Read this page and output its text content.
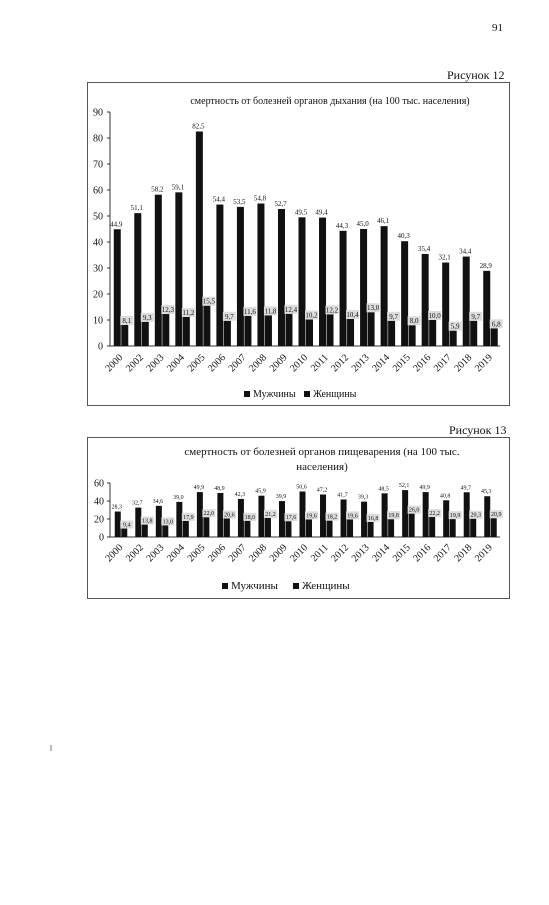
91
Рисунок 12
Рисунок 13
смертность от болезней органов дыхания (на 100 тыс. населения)
0
10
20
30
40
50
60
70
80
90
44,9
8,1
2000
51,1
9,3
2002
58,2
12,3
2003
59,1
11,2
2004
82,5
15,5
2005
54,4
9,7
2006
53,5
11,6
2007
54,8
11,8
2008
52,7
12,4
2009
49,5
10,2
2010
49,4
12,2
2011
44,3
10,4
2012
45,0
13,0
2013
46,1
9,7
2014
40,3
8,0
2015
35,4
10,0
2016
32,1
5,9
2017
34,4
9,7
2018
28,9
6,8
2019
Мужчины Женщины
смертность от болезней органов пищеварения (на 100 тыс.
населения)
0
20
40
60
28,3
9,4
2000
32,7
13,8
2002
34,6
13,0
2003
39,0
17,9
2004
49,9
22,0
2005
48,9
20,6
2006
42,3
18,0
2007
45,9
21,2
2008
39,9
17,6
2009
50,6
19,6
2010
47,2
18,2
2011
41,7
19,6
2012
39,3
16,8
2013
48,5
19,8
2014
52,1
26,0
2015
49,9
22,2
2016
40,8
19,9
2017
49,7
20,3
2018
45,3
20,9
2019
Мужчины Женщины
